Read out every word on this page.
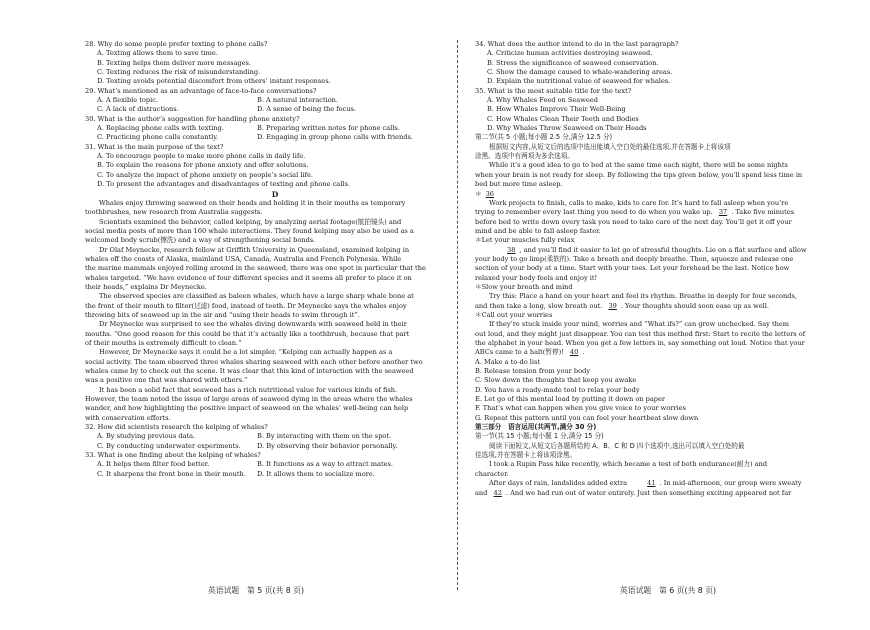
28. Why do some people prefer texting to phone calls?
A. Texting allows them to save time.
B. Texting helps them deliver more messages.
C. Texting reduces the risk of misunderstanding.
D. Texting avoids potential discomfort from others’ instant responses.
29. What’s mentioned as an advantage of face-to-face conversations?
A. A flexible topic.	B. A natural interaction.
C. A lack of distractions.	D. A sense of being the focus.
30. What is the author’s suggestion for handling phone anxiety?
A. Replacing phone calls with texting.	B. Preparing written notes for phone calls.
C. Practicing phone calls constantly.	D. Engaging in group phone calls with friends.
31. What is the main purpose of the text?
A. To encourage people to make more phone calls in daily life.
B. To explain the reasons for phone anxiety and offer solutions.
C. To analyze the impact of phone anxiety on people’s social life.
D. To present the advantages and disadvantages of texting and phone calls.
D
Whales enjoy throwing seaweed on their heads and holding it in their mouths as temporary
toothbrushes, new research from Australia suggests.
Scientists examined the behavior, called kelping, by analyzing aerial footage(航拍镜头) and
social media posts of more than 160 whale interactions. They found kelping may also be used as a
welcomed body scrub(擦洗) and a way of strengthening social bonds.
Dr Olaf Meynecke, research fellow at Griffith University in Queensland, examined kelping in
whales off the coasts of Alaska, mainland USA, Canada, Australia and French Polynesia. While
the marine mammals enjoyed rolling around in the seaweed, there was one spot in particular that the
whales targeted. “We have evidence of four different species and it seems all prefer to place it on
their heads,” explains Dr Meynecke.
The observed species are classified as baleen whales, which have a large sharp whale bone at
the front of their mouth to filter(过滤) food, instead of teeth. Dr Meynecke says the whales enjoy
throwing bits of seaweed up in the air and “using their heads to swim through it”.
Dr Meynecke was surprised to see the whales diving downwards with seaweed held in their
mouths. “One good reason for this could be that it’s actually like a toothbrush, because that part
of their mouths is extremely difficult to clean.”
However, Dr Meynecke says it could be a lot simpler. “Kelping can actually happen as a
social activity. The team observed three whales sharing seaweed with each other before another two
whales came by to check out the scene. It was clear that this kind of interaction with the seaweed
was a positive one that was shared with others.”
It has been a solid fact that seaweed has a rich nutritional value for various kinds of fish.
However, the team noted the issue of large areas of seaweed dying in the areas where the whales
wander, and how highlighting the positive impact of seaweed on the whales’ well-being can help
with conservation efforts.
32. How did scientists research the kelping of whales?
A. By studying previous data.	B. By interacting with them on the spot.
C. By conducting underwater experiments.	D. By observing their behavior personally.
33. What is one finding about the kelping of whales?
A. It helps them filter food better.	B. It functions as a way to attract mates.
C. It sharpens the front bone in their mouth.	D. It allows them to socialize more.
英语试题　第 5 页(共 8 页)
34. What does the author intend to do in the last paragraph?
A. Criticize human activities destroying seaweed.
B. Stress the significance of seaweed conservation.
C. Show the damage caused to whale-wandering areas.
D. Explain the nutritional value of seaweed for whales.
35. What is the most suitable title for the text?
A. Why Whales Feed on Seaweed
B. How Whales Improve Their Well-Being
C. How Whales Clean Their Teeth and Bodies
D. Why Whales Throw Seaweed on Their Heads
第二节(共 5 小题;每小题 2.5 分,满分 12.5 分)
根据短文内容,从短文后的选项中选出能填入空白处的最佳选项,并在答题卡上将该项
涂黑。选项中有两项为多余选项。
While it’s a good idea to go to bed at the same time each night, there will be some nights
when your brain is not ready for sleep. By following the tips given below, you’ll spend less time in
bed but more time asleep.
＊ 36
Work projects to finish, calls to make, kids to care for. It’s hard to fall asleep when you’re
trying to remember every last thing you need to do when you wake up. 37 . Take five minutes
before bed to write down every task you need to take care of the next day. You’ll get it off your
mind and be able to fall asleep faster.
＊Let your muscles fully relax
38 , and you’ll find it easier to let go of stressful thoughts. Lie on a flat surface and allow
your body to go limp(柔软的). Take a breath and deeply breathe. Then, squeeze and release one
section of your body at a time. Start with your toes. Let your forehead be the last. Notice how
relaxed your body feels and enjoy it!
＊Slow your breath and mind
Try this: Place a hand on your heart and feel its rhythm. Breathe in deeply for four seconds,
and then take a long, slow breath out. 39 . Your thoughts should soon ease up as well.
＊Call out your worries
If they’re stuck inside your mind, worries and “What ifs?” can grow unchecked. Say them
out loud, and they might just disappear. You can test this method first: Start to recite the letters of
the alphabet in your head. When you get a few letters in, say something out loud. Notice that your
ABCs came to a halt(暂停)! 40 .
A. Make a to-do list
B. Release tension from your body
C. Slow down the thoughts that keep you awake
D. You have a ready-made tool to relax your body
E. Let go of this mental load by putting it down on paper
F. That’s what can happen when you give voice to your worries
G. Repeat this pattern until you can feel your heartbeat slow down
第三部分　语言运用(共两节,满分 30 分)
第一节(共 15 小题;每小题 1 分,满分 15 分)
阅读下面短文,从短文后各题所给的 A、B、C 和 D 四个选项中,选出可以填入空白处的最
佳选项,并在答题卡上将该项涂黑。
I took a Rupin Pass hike recently, which became a test of both endurance(耐力) and
character.
After days of rain, landslides added extra	41 . In mid-afternoon, our group were sweaty
and 42 . And we had run out of water entirely. Just then something exciting appeared not far
英语试题　第 6 页(共 8 页)
